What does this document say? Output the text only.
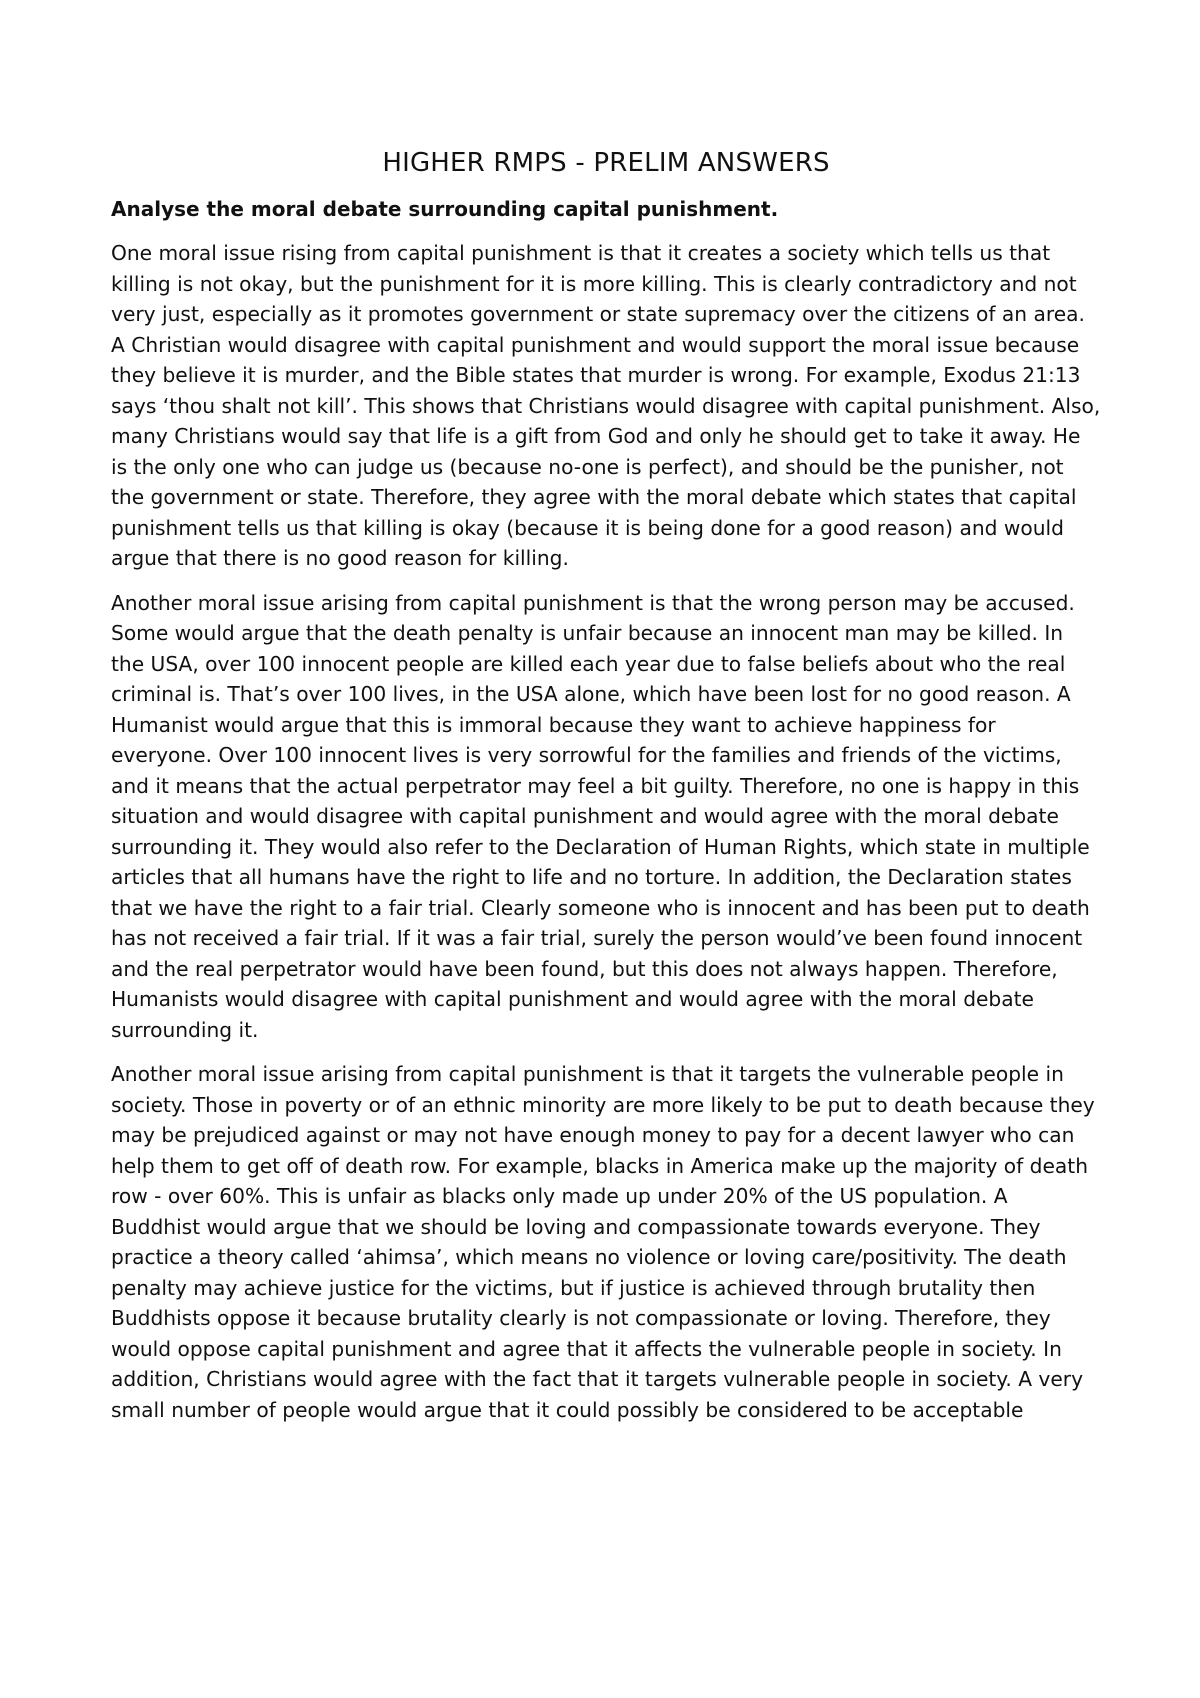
HIGHER RMPS - PRELIM ANSWERS

Analyse the moral debate surrounding capital punishment.

One moral issue rising from capital punishment is that it creates a society which tells us that killing is not okay, but the punishment for it is more killing. This is clearly contradictory and not very just, especially as it promotes government or state supremacy over the citizens of an area. A Christian would disagree with capital punishment and would support the moral issue because they believe it is murder, and the Bible states that murder is wrong. For example, Exodus 21:13 says ‘thou shalt not kill’. This shows that Christians would disagree with capital punishment. Also, many Christians would say that life is a gift from God and only he should get to take it away. He is the only one who can judge us (because no-one is perfect), and should be the punisher, not the government or state. Therefore, they agree with the moral debate which states that capital punishment tells us that killing is okay (because it is being done for a good reason) and would argue that there is no good reason for killing.

Another moral issue arising from capital punishment is that the wrong person may be accused. Some would argue that the death penalty is unfair because an innocent man may be killed. In the USA, over 100 innocent people are killed each year due to false beliefs about who the real criminal is. That’s over 100 lives, in the USA alone, which have been lost for no good reason. A Humanist would argue that this is immoral because they want to achieve happiness for everyone. Over 100 innocent lives is very sorrowful for the families and friends of the victims, and it means that the actual perpetrator may feel a bit guilty. Therefore, no one is happy in this situation and would disagree with capital punishment and would agree with the moral debate surrounding it. They would also refer to the Declaration of Human Rights, which state in multiple articles that all humans have the right to life and no torture. In addition, the Declaration states that we have the right to a fair trial. Clearly someone who is innocent and has been put to death has not received a fair trial. If it was a fair trial, surely the person would’ve been found innocent and the real perpetrator would have been found, but this does not always happen. Therefore, Humanists would disagree with capital punishment and would agree with the moral debate surrounding it.

Another moral issue arising from capital punishment is that it targets the vulnerable people in society. Those in poverty or of an ethnic minority are more likely to be put to death because they may be prejudiced against or may not have enough money to pay for a decent lawyer who can help them to get off of death row. For example, blacks in America make up the majority of death row - over 60%. This is unfair as blacks only made up under 20% of the US population. A Buddhist would argue that we should be loving and compassionate towards everyone. They practice a theory called ‘ahimsa’, which means no violence or loving care/positivity. The death penalty may achieve justice for the victims, but if justice is achieved through brutality then Buddhists oppose it because brutality clearly is not compassionate or loving. Therefore, they would oppose capital punishment and agree that it affects the vulnerable people in society. In addition, Christians would agree with the fact that it targets vulnerable people in society. A very small number of people would argue that it could possibly be considered to be acceptable
